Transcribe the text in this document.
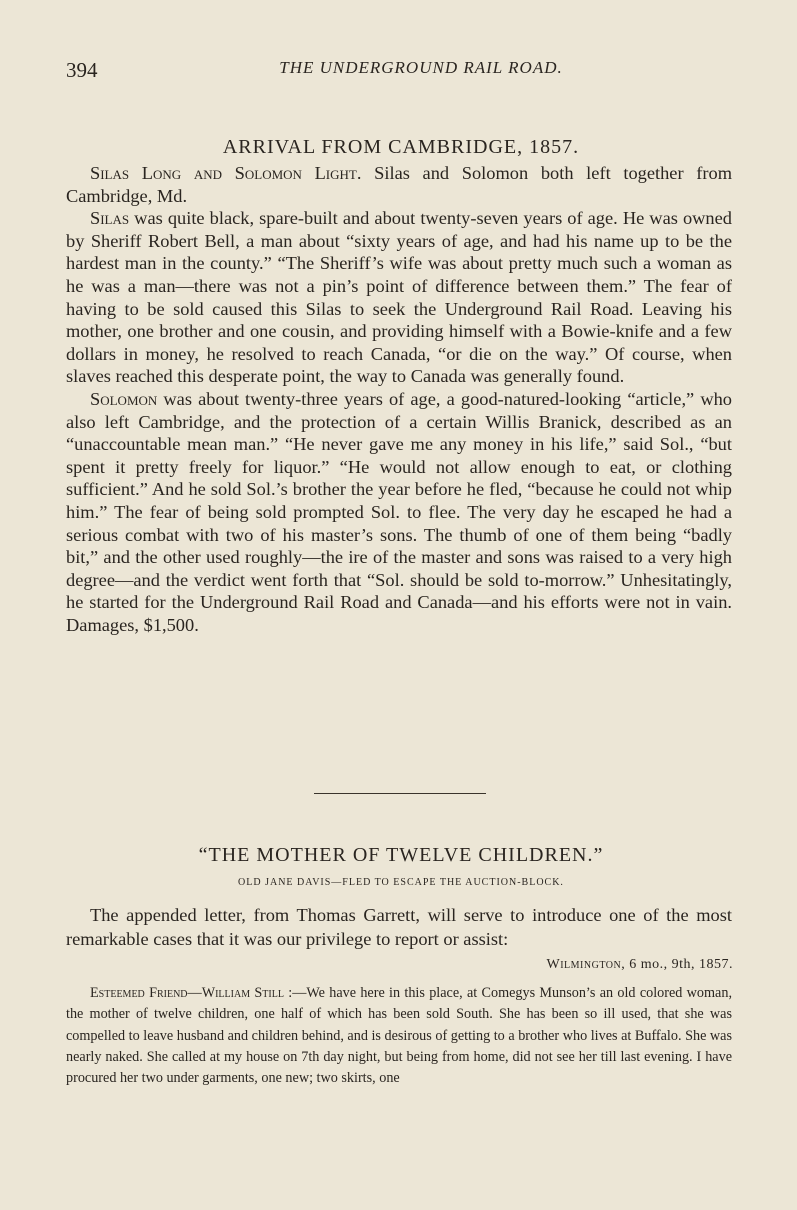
394	THE UNDERGROUND RAIL ROAD.
ARRIVAL FROM CAMBRIDGE, 1857.

Silas Long and Solomon Light. Silas and Solomon both left together from Cambridge, Md.

Silas was quite black, spare-built and about twenty-seven years of age. He was owned by Sheriff Robert Bell, a man about “sixty years of age, and had his name up to be the hardest man in the county.” “The Sheriff’s wife was about pretty much such a woman as he was a man—there was not a pin’s point of difference between them.” The fear of having to be sold caused this Silas to seek the Underground Rail Road. Leaving his mother, one brother and one cousin, and providing himself with a Bowie-knife and a few dollars in money, he resolved to reach Canada, “or die on the way.” Of course, when slaves reached this desperate point, the way to Canada was generally found.

Solomon was about twenty-three years of age, a good-natured-looking “article,” who also left Cambridge, and the protection of a certain Willis Branick, described as an “unaccountable mean man.” “He never gave me any money in his life,” said Sol., “but spent it pretty freely for liquor.” “He would not allow enough to eat, or clothing sufficient.” And he sold Sol.’s brother the year before he fled, “because he could not whip him.” The fear of being sold prompted Sol. to flee. The very day he escaped he had a serious combat with two of his master’s sons. The thumb of one of them being “badly bit,” and the other used roughly—the ire of the master and sons was raised to a very high degree—and the verdict went forth that “Sol. should be sold to-morrow.” Unhesitatingly, he started for the Underground Rail Road and Canada—and his efforts were not in vain. Damages, $1,500.

“THE MOTHER OF TWELVE CHILDREN.”
OLD JANE DAVIS—FLED TO ESCAPE THE AUCTION-BLOCK.

The appended letter, from Thomas Garrett, will serve to introduce one of the most remarkable cases that it was our privilege to report or assist:

Wilmington, 6 mo., 9th, 1857.

Esteemed Friend—William Still :—We have here in this place, at Comegys Munson’s an old colored woman, the mother of twelve children, one half of which has been sold South. She has been so ill used, that she was compelled to leave husband and children behind, and is desirous of getting to a brother who lives at Buffalo. She was nearly naked. She called at my house on 7th day night, but being from home, did not see her till last evening. I have procured her two under garments, one new; two skirts, one
